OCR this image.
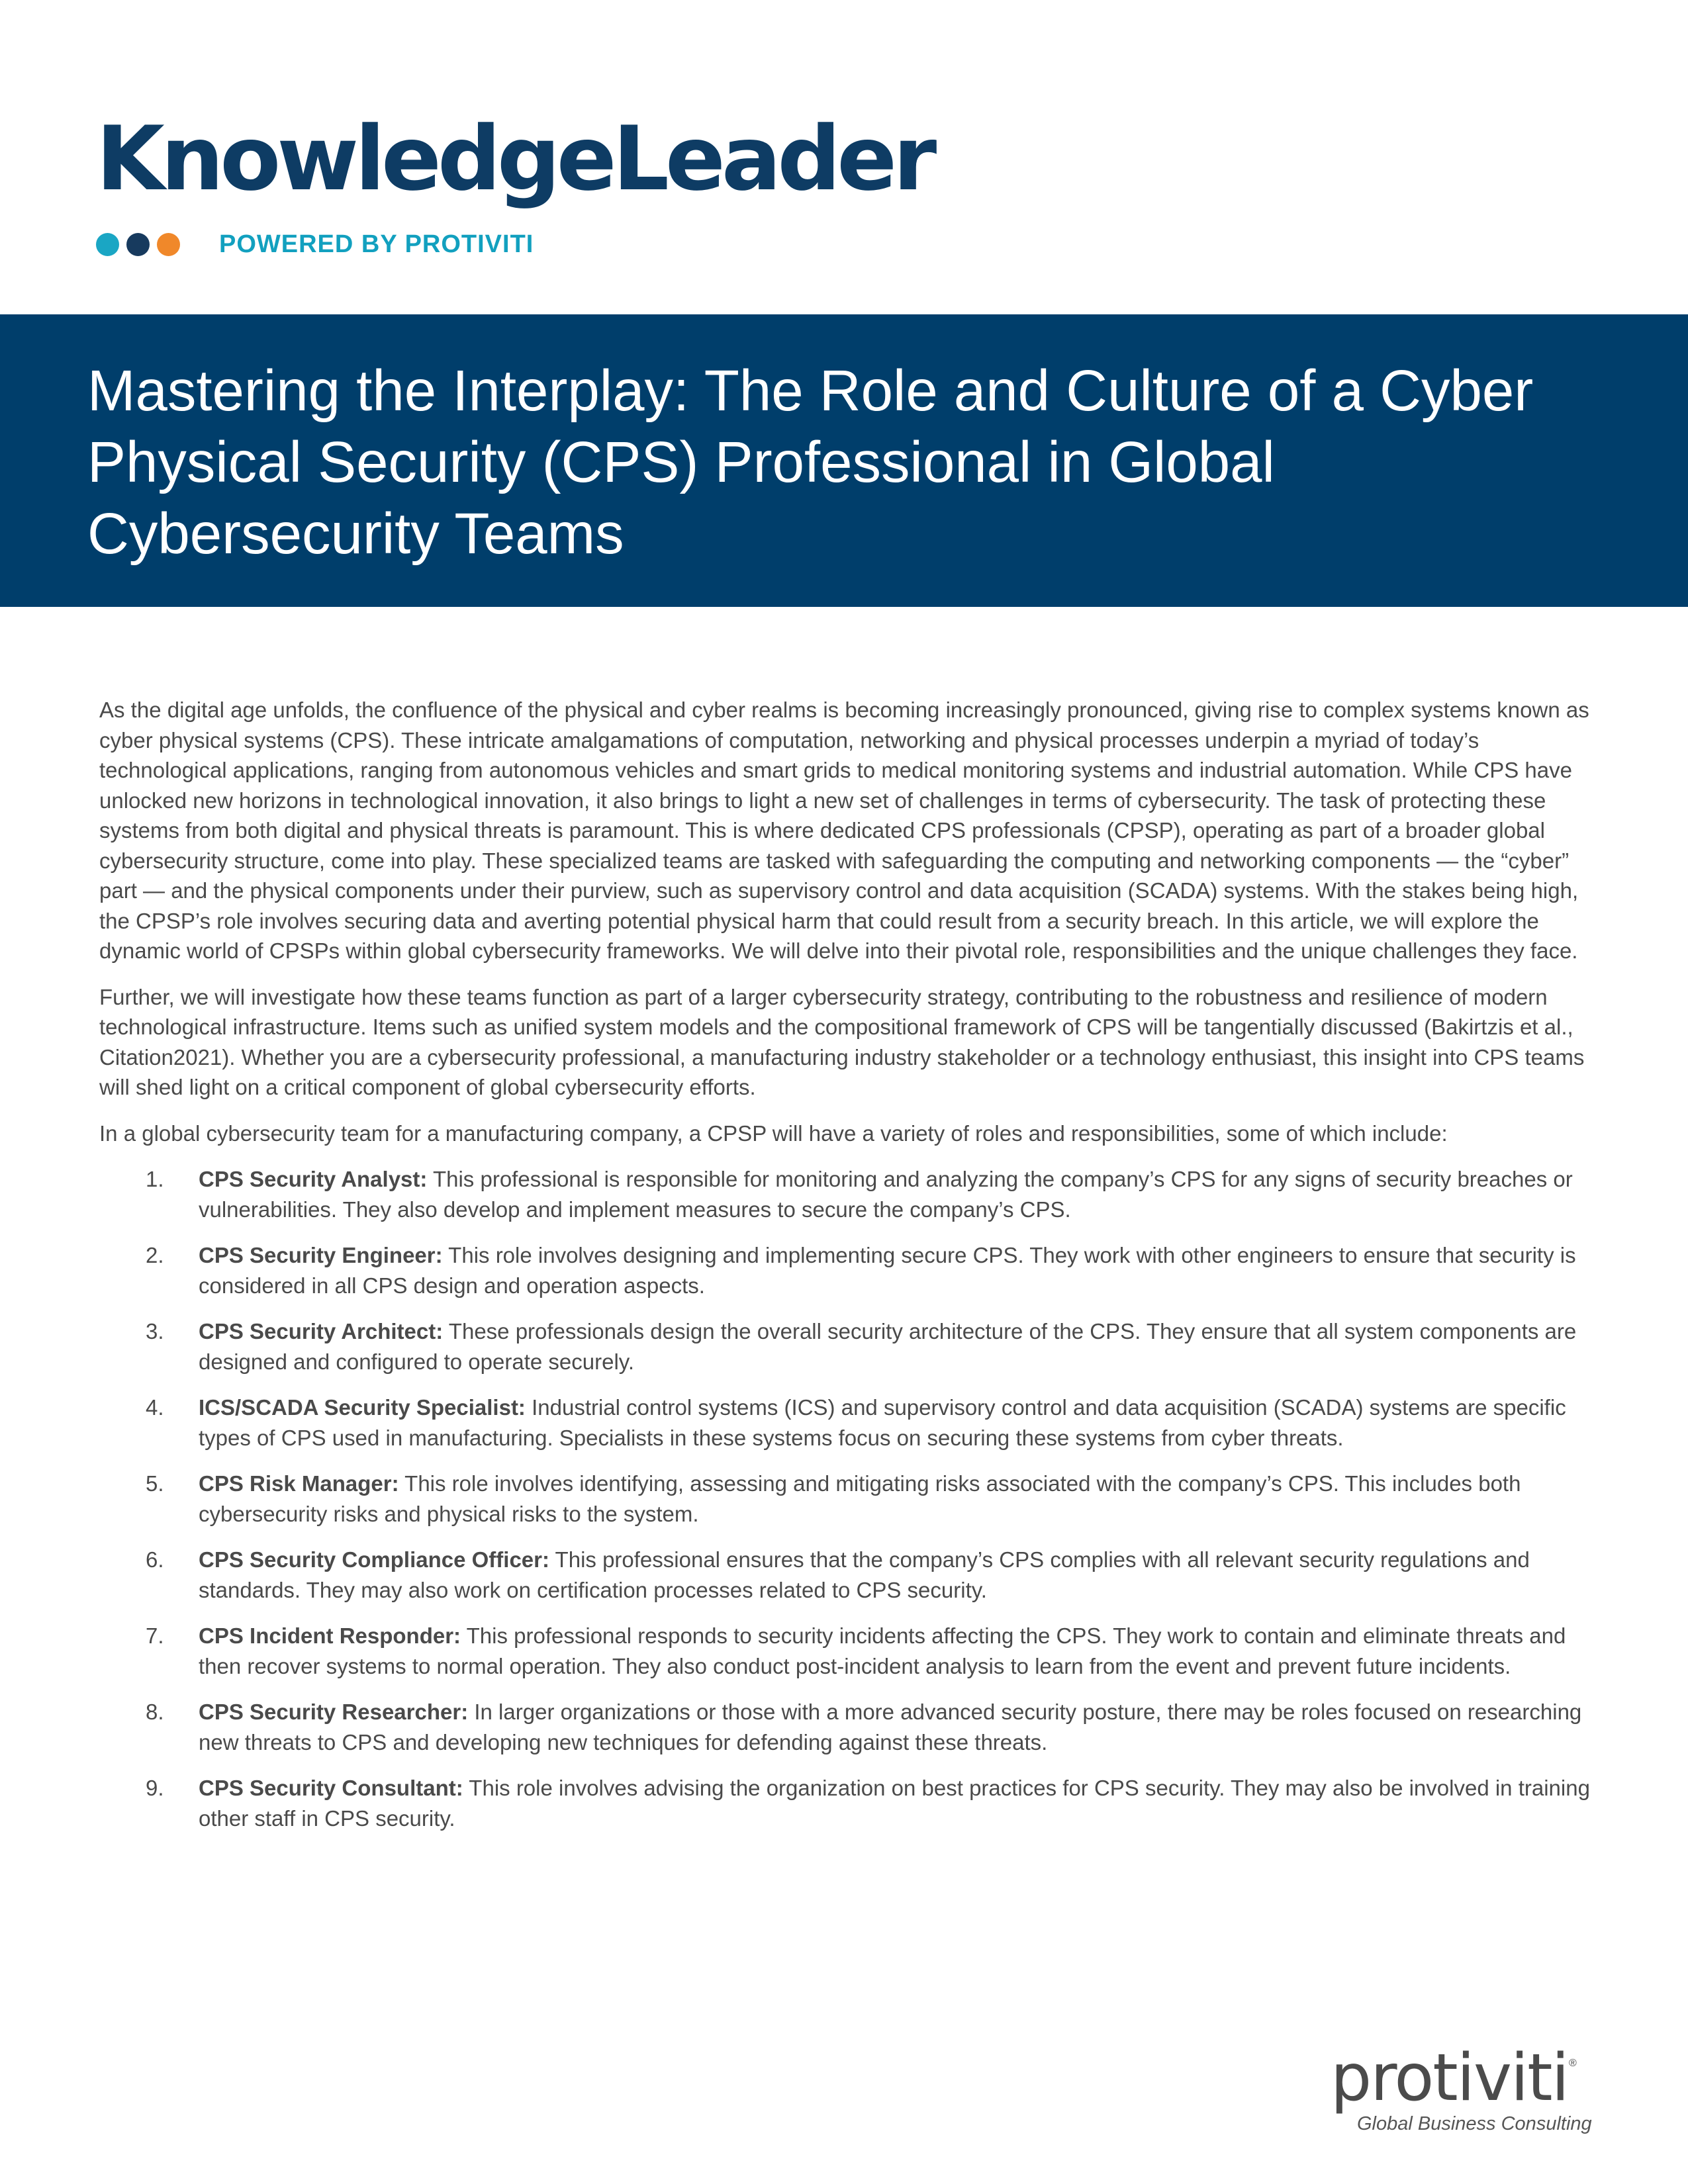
KnowledgeLeader
POWERED BY PROTIVITI
Mastering the Interplay: The Role and Culture of a Cyber Physical Security (CPS) Professional in Global Cybersecurity Teams

As the digital age unfolds, the confluence of the physical and cyber realms is becoming increasingly pronounced, giving rise to complex systems known as cyber physical systems (CPS). These intricate amalgamations of computation, networking and physical processes underpin a myriad of today’s technological applications, ranging from autonomous vehicles and smart grids to medical monitoring systems and industrial automation. While CPS have unlocked new horizons in technological innovation, it also brings to light a new set of challenges in terms of cybersecurity. The task of protecting these systems from both digital and physical threats is paramount. This is where dedicated CPS professionals (CPSP), operating as part of a broader global cybersecurity structure, come into play. These specialized teams are tasked with safeguarding the computing and networking components — the “cyber” part — and the physical components under their purview, such as supervisory control and data acquisition (SCADA) systems. With the stakes being high, the CPSP’s role involves securing data and averting potential physical harm that could result from a security breach. In this article, we will explore the dynamic world of CPSPs within global cybersecurity frameworks. We will delve into their pivotal role, responsibilities and the unique challenges they face.

Further, we will investigate how these teams function as part of a larger cybersecurity strategy, contributing to the robustness and resilience of modern technological infrastructure. Items such as unified system models and the compositional framework of CPS will be tangentially discussed (Bakirtzis et al., Citation2021). Whether you are a cybersecurity professional, a manufacturing industry stakeholder or a technology enthusiast, this insight into CPS teams will shed light on a critical component of global cybersecurity efforts.

In a global cybersecurity team for a manufacturing company, a CPSP will have a variety of roles and responsibilities, some of which include:

1. CPS Security Analyst: This professional is responsible for monitoring and analyzing the company’s CPS for any signs of security breaches or vulnerabilities. They also develop and implement measures to secure the company’s CPS.
2. CPS Security Engineer: This role involves designing and implementing secure CPS. They work with other engineers to ensure that security is considered in all CPS design and operation aspects.
3. CPS Security Architect: These professionals design the overall security architecture of the CPS. They ensure that all system components are designed and configured to operate securely.
4. ICS/SCADA Security Specialist: Industrial control systems (ICS) and supervisory control and data acquisition (SCADA) systems are specific types of CPS used in manufacturing. Specialists in these systems focus on securing these systems from cyber threats.
5. CPS Risk Manager: This role involves identifying, assessing and mitigating risks associated with the company’s CPS. This includes both cybersecurity risks and physical risks to the system.
6. CPS Security Compliance Officer: This professional ensures that the company’s CPS complies with all relevant security regulations and standards. They may also work on certification processes related to CPS security.
7. CPS Incident Responder: This professional responds to security incidents affecting the CPS. They work to contain and eliminate threats and then recover systems to normal operation. They also conduct post-incident analysis to learn from the event and prevent future incidents.
8. CPS Security Researcher: In larger organizations or those with a more advanced security posture, there may be roles focused on researching new threats to CPS and developing new techniques for defending against these threats.
9. CPS Security Consultant: This role involves advising the organization on best practices for CPS security. They may also be involved in training other staff in CPS security.
protiviti ®
Global Business Consulting
